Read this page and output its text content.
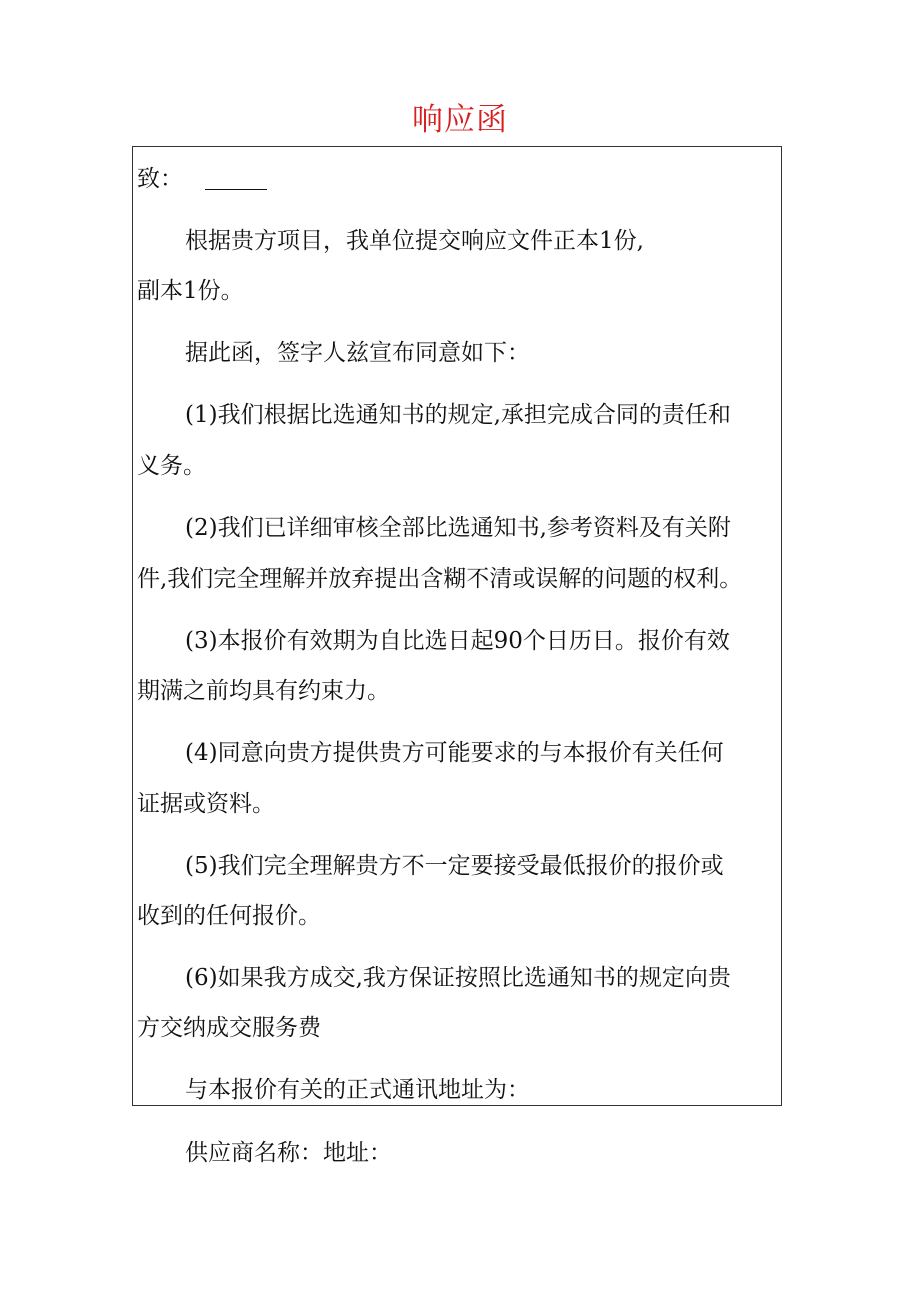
响应函
致：
根据贵方项目，我单位提交响应文件正本1份,
副本1份。
据此函，签字人兹宣布同意如下：
(1)我们根据比选通知书的规定,承担完成合同的责任和
义务。
(2)我们已详细审核全部比选通知书,参考资料及有关附
件,我们完全理解并放弃提出含糊不清或误解的问题的权利。
(3)本报价有效期为自比选日起90个日历日。报价有效
期满之前均具有约束力。
(4)同意向贵方提供贵方可能要求的与本报价有关任何
证据或资料。
(5)我们完全理解贵方不一定要接受最低报价的报价或
收到的任何报价。
(6)如果我方成交,我方保证按照比选通知书的规定向贵
方交纳成交服务费
与本报价有关的正式通讯地址为：
供应商名称：地址：
